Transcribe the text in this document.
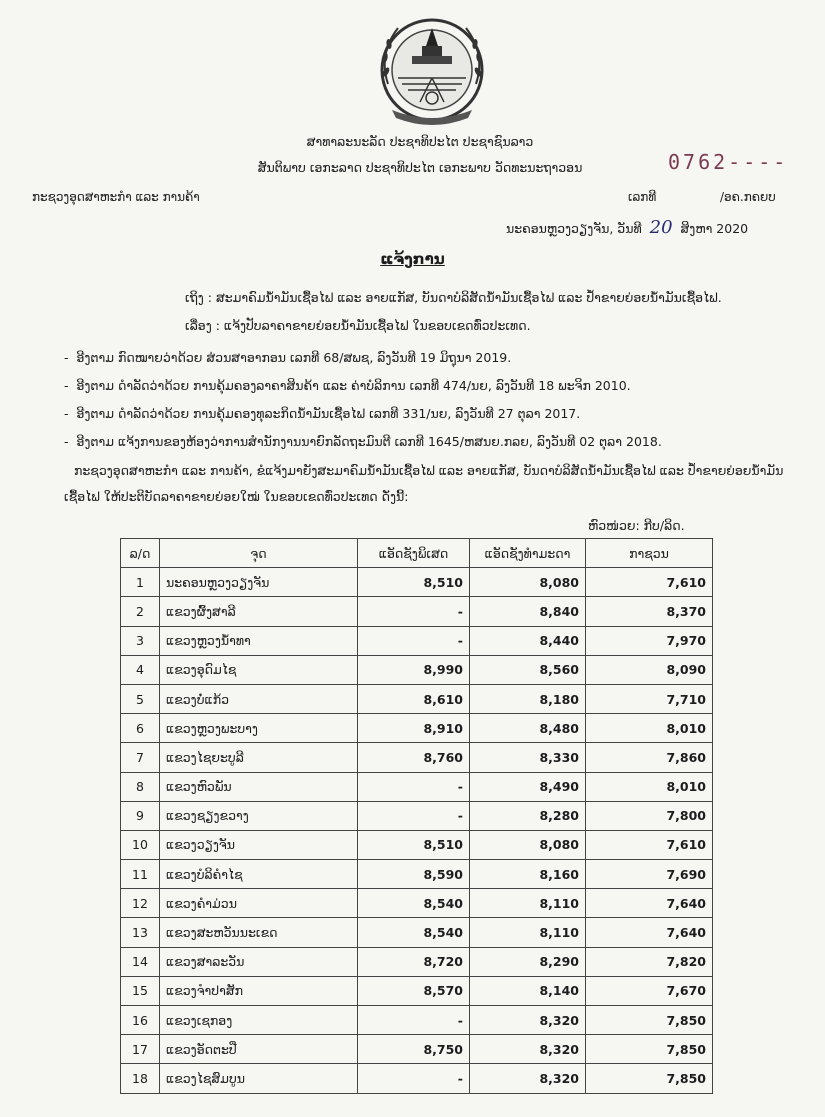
ສາທາລະນະລັດ ປະຊາທິປະໄຕ ປະຊາຊົນລາວ
ສັນຕິພາບ ເອກະລາດ ປະຊາທິປະໄຕ ເອກະພາບ ວັດທະນະຖາວອນ	0762----
ກະຊວງອຸດສາຫະກຳ ແລະ ການຄ້າ	ເລກທີ	/ອຄ.ກຄຍບ
ນະຄອນຫຼວງວຽງຈັນ, ວັນທີ 20 ສິງຫາ 2020
ແຈ້ງການ
ເຖິງ : ສະມາຄົມນ້ຳມັນເຊື້ອໄຟ ແລະ ອາຍແກັສ, ບັນດາບໍລິສັດນ້ຳມັນເຊື້ອໄຟ ແລະ ປ້ຳຂາຍຍ່ອຍນ້ຳມັນເຊື້ອໄຟ.
ເລື່ອງ : ແຈ້ງປັບລາຄາຂາຍຍ່ອຍນ້ຳມັນເຊື້ອໄຟ ໃນຂອບເຂດທົ່ວປະເທດ.
- ອີງຕາມ ກົດໝາຍວ່າດ້ວຍ ສ່ວນສາອາກອນ ເລກທີ 68/ສພຊ, ລົງວັນທີ 19 ມິຖຸນາ 2019.
- ອີງຕາມ ດຳລັດວ່າດ້ວຍ ການຄຸ້ມຄອງລາຄາສິນຄ້າ ແລະ ຄ່າບໍລິການ ເລກທີ 474/ນຍ, ລົງວັນທີ 18 ພະຈິກ 2010.
- ອີງຕາມ ດຳລັດວ່າດ້ວຍ ການຄຸ້ມຄອງທຸລະກິດນ້ຳມັນເຊື້ອໄຟ ເລກທີ 331/ນຍ, ລົງວັນທີ 27 ຕຸລາ 2017.
- ອີງຕາມ ແຈ້ງການຂອງຫ້ອງວ່າການສຳນັກງານນາຍົກລັດຖະມົນຕີ ເລກທີ 1645/ຫສນຍ.ກລຍ, ລົງວັນທີ 02 ຕຸລາ 2018.
ກະຊວງອຸດສາຫະກຳ ແລະ ການຄ້າ, ຂໍແຈ້ງມາຍັງສະມາຄົມນ້ຳມັນເຊື້ອໄຟ ແລະ ອາຍແກັສ, ບັນດາບໍລິສັດນ້ຳມັນເຊື້ອໄຟ ແລະ ປ້ຳຂາຍຍ່ອຍນ້ຳມັນເຊື້ອໄຟ ໃຫ້ປະຕິບັດລາຄາຂາຍຍ່ອຍໃໝ່ ໃນຂອບເຂດທົ່ວປະເທດ ດັ່ງນີ້:
ຫົວໜ່ວຍ: ກີບ/ລິດ.
ລ/ດ	ຈຸດ	ແອັດຊັງພິເສດ	ແອັດຊັງທຳມະດາ	ກາຊວນ
1	ນະຄອນຫຼວງວຽງຈັນ	8,510	8,080	7,610
2	ແຂວງຜົ້ງສາລີ	-	8,840	8,370
3	ແຂວງຫຼວງນ້ຳທາ	-	8,440	7,970
4	ແຂວງອຸດົມໄຊ	8,990	8,560	8,090
5	ແຂວງບໍ່ແກ້ວ	8,610	8,180	7,710
6	ແຂວງຫຼວງພະບາງ	8,910	8,480	8,010
7	ແຂວງໄຊຍະບູລີ	8,760	8,330	7,860
8	ແຂວງຫົວພັນ	-	8,490	8,010
9	ແຂວງຊຽງຂວາງ	-	8,280	7,800
10	ແຂວງວຽງຈັນ	8,510	8,080	7,610
11	ແຂວງບໍລິຄຳໄຊ	8,590	8,160	7,690
12	ແຂວງຄຳມ່ວນ	8,540	8,110	7,640
13	ແຂວງສະຫວັນນະເຂດ	8,540	8,110	7,640
14	ແຂວງສາລະວັນ	8,720	8,290	7,820
15	ແຂວງຈຳປາສັກ	8,570	8,140	7,670
16	ແຂວງເຊກອງ	-	8,320	7,850
17	ແຂວງອັດຕະປື	8,750	8,320	7,850
18	ແຂວງໄຊສົມບູນ	-	8,320	7,850
